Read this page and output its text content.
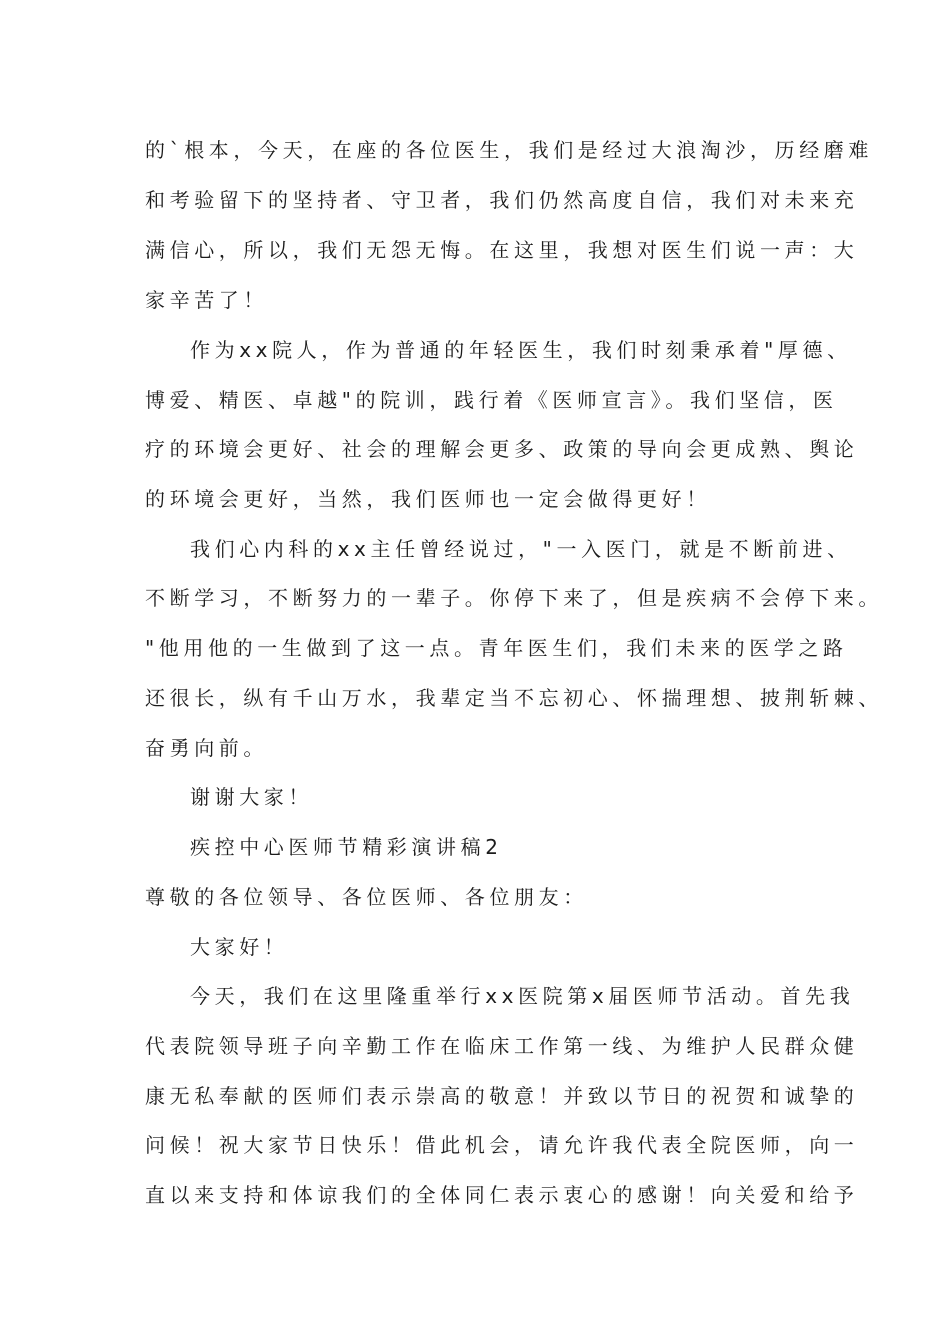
的`根本，今天，在座的各位医生，我们是经过大浪淘沙，历经磨难
和考验留下的坚持者、守卫者，我们仍然高度自信，我们对未来充
满信心，所以，我们无怨无悔。在这里，我想对医生们说一声：大
家辛苦了！
作为xx院人，作为普通的年轻医生，我们时刻秉承着"厚德、
博爱、精医、卓越"的院训，践行着《医师宣言》。我们坚信，医
疗的环境会更好、社会的理解会更多、政策的导向会更成熟、舆论
的环境会更好，当然，我们医师也一定会做得更好！
我们心内科的xx主任曾经说过，"一入医门，就是不断前进、
不断学习，不断努力的一辈子。你停下来了，但是疾病不会停下来。
"他用他的一生做到了这一点。青年医生们，我们未来的医学之路
还很长，纵有千山万水，我辈定当不忘初心、怀揣理想、披荆斩棘、
奋勇向前。
谢谢大家！
疾控中心医师节精彩演讲稿2
尊敬的各位领导、各位医师、各位朋友：
大家好！
今天，我们在这里隆重举行xx医院第x届医师节活动。首先我
代表院领导班子向辛勤工作在临床工作第一线、为维护人民群众健
康无私奉献的医师们表示崇高的敬意！并致以节日的祝贺和诚挚的
问候！祝大家节日快乐！借此机会，请允许我代表全院医师，向一
直以来支持和体谅我们的全体同仁表示衷心的感谢！向关爱和给予
